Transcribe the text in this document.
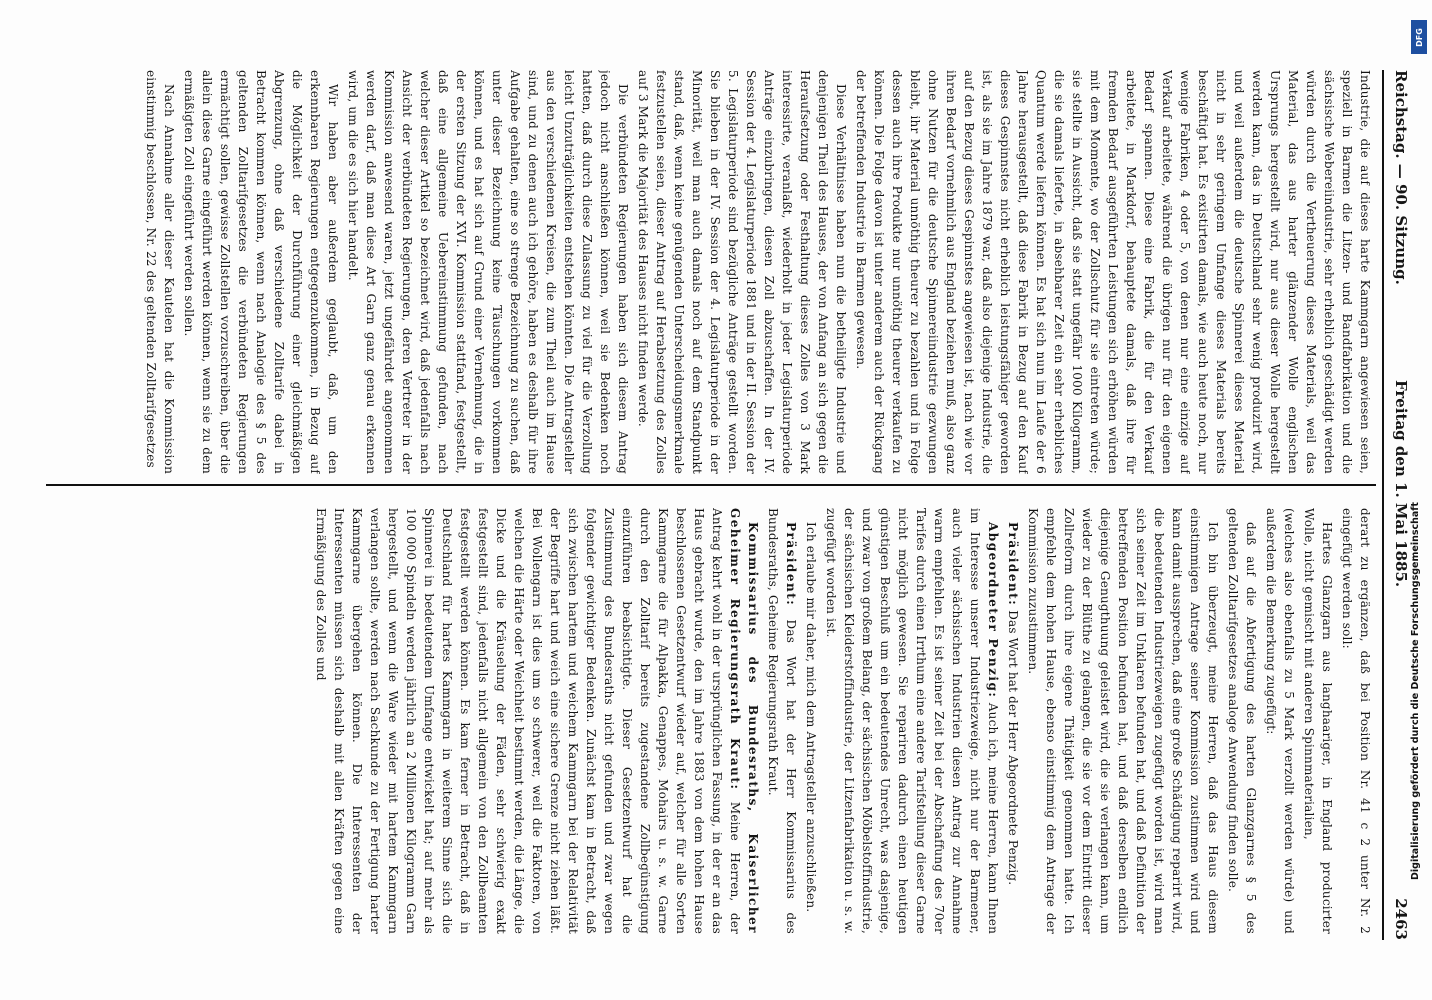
Reichstag. — 90. Sitzung.
Freitag den 1. Mai 1885.
2463

Industrie, die auf dieses harte Kammgarn angewiesen seien, speziell in Barmen die Litzen- und Bandfabrikation und die sächsische Webereiindustrie, sehr erheblich geschädigt werden würden durch die Vertheuerung dieses Materials, weil das Material, das aus harter glänzender Wolle englischen Ursprungs hergestellt wird, nur aus dieser Wolle hergestellt werden kann, das in Deutschland sehr wenig produzirt wird, und weil außerdem die deutsche Spinnerei dieses Material nicht in sehr geringem Umfange dieses Materials bereits beschäftigt hat. Es existirten damals, wie auch heute noch, nur wenige Fabriken, 4 oder 5, von denen nur eine einzige auf Verkauf arbeitete, während die übrigen nur für den eigenen Bedarf spannen. Diese eine Fabrik, die für den Verkauf arbeitete, in Markdorf, behauptete damals, daß ihre für fremden Bedarf ausgeführten Leistungen sich erhöhen würden mit dem Momente, wo der Zollschutz für sie eintreten würde; sie stellte in Aussicht, daß sie statt ungefähr 1000 Kilogramm, die sie damals lieferte, in absehbarer Zeit ein sehr erhebliches Quantum werde liefern können. Es hat sich nun im Laufe der 6 Jahre herausgestellt, daß diese Fabrik in Bezug auf den Kauf dieses Gespinnstes nicht erheblich leistungsfähiger geworden ist, als sie im Jahre 1879 war, daß also diejenige Industrie, die auf den Bezug dieses Gespinnstes angewiesen ist, nach wie vor ihren Bedarf vornehmlich aus England beziehen muß, also ganz ohne Nutzen für die deutsche Spinnereiindustrie gezwungen bleibt, ihr Material unnöthig theurer zu bezahlen und in Folge dessen auch ihre Produkte nur unnöthig theurer verkaufen zu können. Die Folge davon ist unter anderem auch der Rückgang der betreffenden Industrie in Barmen gewesen.

Diese Verhältnisse haben nun die betheiligte Industrie und denjenigen Theil des Hauses, der von Anfang an sich gegen die Heraufsetzung oder Festhaltung dieses Zolles von 3 Mark interessirte, veranlaßt, wiederholt in jeder Legislaturperiode Anträge einzubringen, diesen Zoll abzuschaffen. In der IV. Session der 4. Legislaturperiode 1881 und in der II. Session der 5. Legislaturperiode sind bezügliche Anträge gestellt worden. Sie blieben in der IV. Session der 4. Legislaturperiode in der Minorität, weil man auch damals noch auf dem Standpunkt stand, daß, wenn keine genügenden Unterscheidungsmerkmale festzustellen seien, dieser Antrag auf Herabsetzung des Zolles auf 3 Mark die Majorität des Hauses nicht finden werde.

Die verbündeten Regierungen haben sich diesem Antrag jedoch nicht anschließen können, weil sie Bedenken noch hatten, daß durch diese Zulassung zu viel für die Verzollung leicht Unzuträglichkeiten entstehen könnten. Die Antragsteller aus den verschiedenen Kreisen, die zum Theil auch im Hause sind, und zu denen auch ich gehöre, haben es deshalb für ihre Aufgabe gehalten, eine so strenge Bezeichnung zu suchen, daß unter dieser Bezeichnung keine Täuschungen vorkommen können, und es hat sich auf Grund einer Vernehmung, die in der ersten Sitzung der XVI. Kommission stattfand, festgestellt, daß eine allgemeine Uebereinstimmung gefunden, nach welcher dieser Artikel so bezeichnet wird, daß jedenfalls nach Ansicht der verbündeten Regierungen, deren Vertreter in der Kommission anwesend waren, jetzt ungefährdet angenommen werden darf, daß man diese Art Garn ganz genau erkennen wird, um die es sich hier handelt.

Wir haben aber außerdem geglaubt, daß, um den erkennbaren Regierungen entgegenzukommen, in Bezug auf die Möglichkeit der Durchführung einer gleichmäßigen Abgrenzung, ohne daß verschiedene Zolltarife dabei in Betracht kommen können, wenn nach Analogie des § 5 des geltenden Zolltarifgesetzes die verbündeten Regierungen ermächtigt sollen, gewisse Zollstellen vorzuschreiben, über die allein diese Garne eingeführt werden können, wenn sie zu dem ermäßigten Zoll eingeführt werden sollen.

Nach Annahme aller dieser Kautelen hat die Kommission einstimmig beschlossen, Nr. 22 des geltenden Zolltarifgesetzes

derart zu ergänzen, daß bei Position Nr. 41 c 2 unter Nr. 2 eingefügt werden soll:

Hartes Glanzgarn aus langhaariger, in England producirter Wolle, nicht gemischt mit anderen Spinnmaterialien,

(welches also ebenfalls zu 5 Mark verzollt werden würde) und außerdem die Bemerkung zugefügt:

daß auf die Abfertigung des harten Glanzgarnes § 5 des geltenden Zolltarifgesetzes analoge Anwendung finden solle.

Ich bin überzeugt, meine Herren, daß das Haus diesem einstimmigen Antrage seiner Kommission zustimmen wird und kann damit aussprechen, daß eine große Schädigung reparirt wird, die bedeutenden Industriezweigen zugefügt worden ist, wird man sich seiner Zeit im Unklaren befunden hat, und daß Definition der betreffenden Position befunden hat, und daß derselben endlich diejenige Genugthuung geleistet wird, die sie verlangen kann, um wieder zu der Blüthe zu gelangen, die sie vor dem Eintritt dieser Zollreform durch ihre eigene Thätigkeit genommen hatte. Ich empfehle dem hohen Hause, ebenso einstimmig dem Antrage der Kommission zuzustimmen.

Präsident: Das Wort hat der Herr Abgeordnete Penzig.

Abgeordneter Penzig: Auch ich, meine Herren, kann Ihnen im Interesse unserer Industriezweige, nicht nur der Barmener, auch vieler sächsischen Industrien diesen Antrag zur Annahme warm empfehlen. Es ist seiner Zeit bei der Abschaffung des 70er Tarifes durch einen Irrthum eine andere Tarifstellung dieser Garne nicht möglich gewesen. Sie repariren dadurch einen heutigen günstigen Beschluß um ein bedeutendes Unrecht, was dasjenige, und zwar von großem Belang, der sächsischen Möbelstoffindustrie, der sächsischen Kleiderstoffindustrie, der Litzenfabrikation u. s. w. zugefügt worden ist.

Ich erlaube mir daher, mich dem Antragsteller anzuschließen.

Präsident: Das Wort hat der Herr Kommissarius des Bundesraths, Geheime Regierungsrath Kraut.

Kommissarius des Bundesraths, Kaiserlicher Geheimer Regierungsrath Kraut: Meine Herren, der Antrag kehrt wohl in der ursprünglichen Fassung, in der er an das Haus gebracht wurde, den im Jahre 1883 von dem hohen Hause beschlossenen Gesetzentwurf wieder auf, welcher für alle Sorten Kammgarne die für Alpakka, Genappes, Mohairs u. s. w. Garne durch den Zolltarif bereits zugestandene Zollbegünstigung einzuführen beabsichtigte. Dieser Gesetzentwurf hat die Zustimmung des Bundesraths nicht gefunden und zwar wegen folgender gewichtiger Bedenken. Zunächst kam in Betracht, daß sich zwischen hartem und weichem Kammgarn bei der Relativität der Begriffe hart und weich eine sichere Grenze nicht ziehen läßt. Bei Wollengarn ist dies um so schwerer, weil die Faktoren, von welchen die Härte oder Weichheit bestimmt werden, die Länge, die Dicke und die Kräuselung der Fäden, sehr schwierig exakt festgestellt sind, jedenfalls nicht allgemein von den Zollbeamten festgestellt werden können. Es kam ferner in Betracht, daß in Deutschland für hartes Kammgarn in weiterem Sinne sich die Spinnerei in bedeutendem Umfange entwickelt hat; auf mehr als 100 000 Spindeln werden jährlich an 2 Millionen Kilogramm Garn hergestellt, und wenn die Ware wieder mit hartem Kammgarn verlangen sollte, werden nach Sachkunde zu der Fertigung harter Kammgarne übergehen können. Die Interessenten der Interessenten müssen sich deshalb mit allen Kräften gegen eine Ermäßigung des Zolles und

DFG
Digitalisierung gefördert durch die Deutsche Forschungsgemeinschaft
